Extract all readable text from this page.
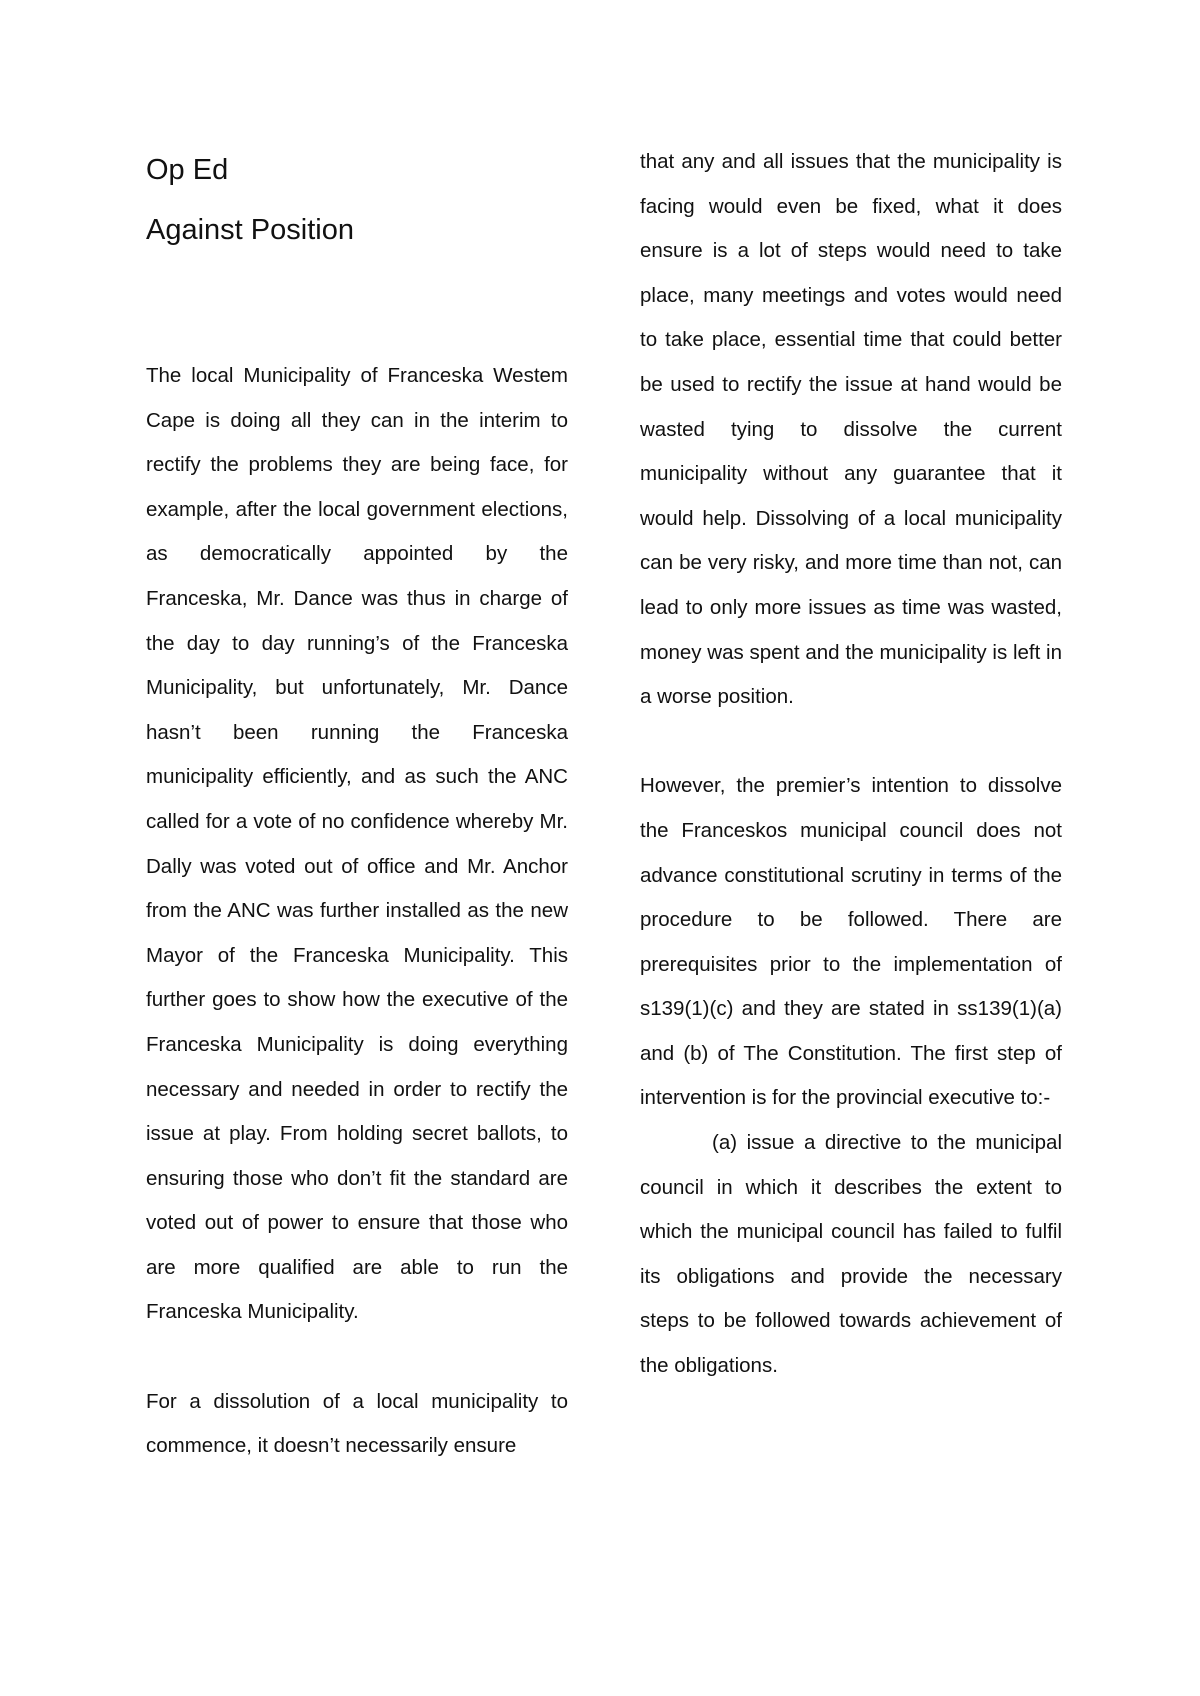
Op Ed

Against Position

The local Municipality of Franceska Westem Cape is doing all they can in the interim to rectify the problems they are being face, for example, after the local government elections, as democratically appointed by the Franceska, Mr. Dance was thus in charge of the day to day running’s of the Franceska Municipality, but unfortunately, Mr. Dance hasn’t been running the Franceska municipality efficiently, and as such the ANC called for a vote of no confidence whereby Mr. Dally was voted out of office and Mr. Anchor from the ANC was further installed as the new Mayor of the Franceska Municipality. This further goes to show how the executive of the Franceska Municipality is doing everything necessary and needed in order to rectify the issue at play. From holding secret ballots, to ensuring those who don’t fit the standard are voted out of power to ensure that those who are more qualified are able to run the Franceska Municipality.

For a dissolution of a local municipality to commence, it doesn’t necessarily ensure

that any and all issues that the municipality is facing would even be fixed, what it does ensure is a lot of steps would need to take place, many meetings and votes would need to take place, essential time that could better be used to rectify the issue at hand would be wasted tying to dissolve the current municipality without any guarantee that it would help. Dissolving of a local municipality can be very risky, and more time than not, can lead to only more issues as time was wasted, money was spent and the municipality is left in a worse position.

However, the premier’s intention to dissolve the Franceskos municipal council does not advance constitutional scrutiny in terms of the procedure to be followed. There are prerequisites prior to the implementation of s139(1)(c) and they are stated in ss139(1)(a) and (b) of The Constitution. The first step of intervention is for the provincial executive to:-

(a) issue a directive to the municipal council in which it describes the extent to which the municipal council has failed to fulfil its obligations and provide the necessary steps to be followed towards achievement of the obligations.
